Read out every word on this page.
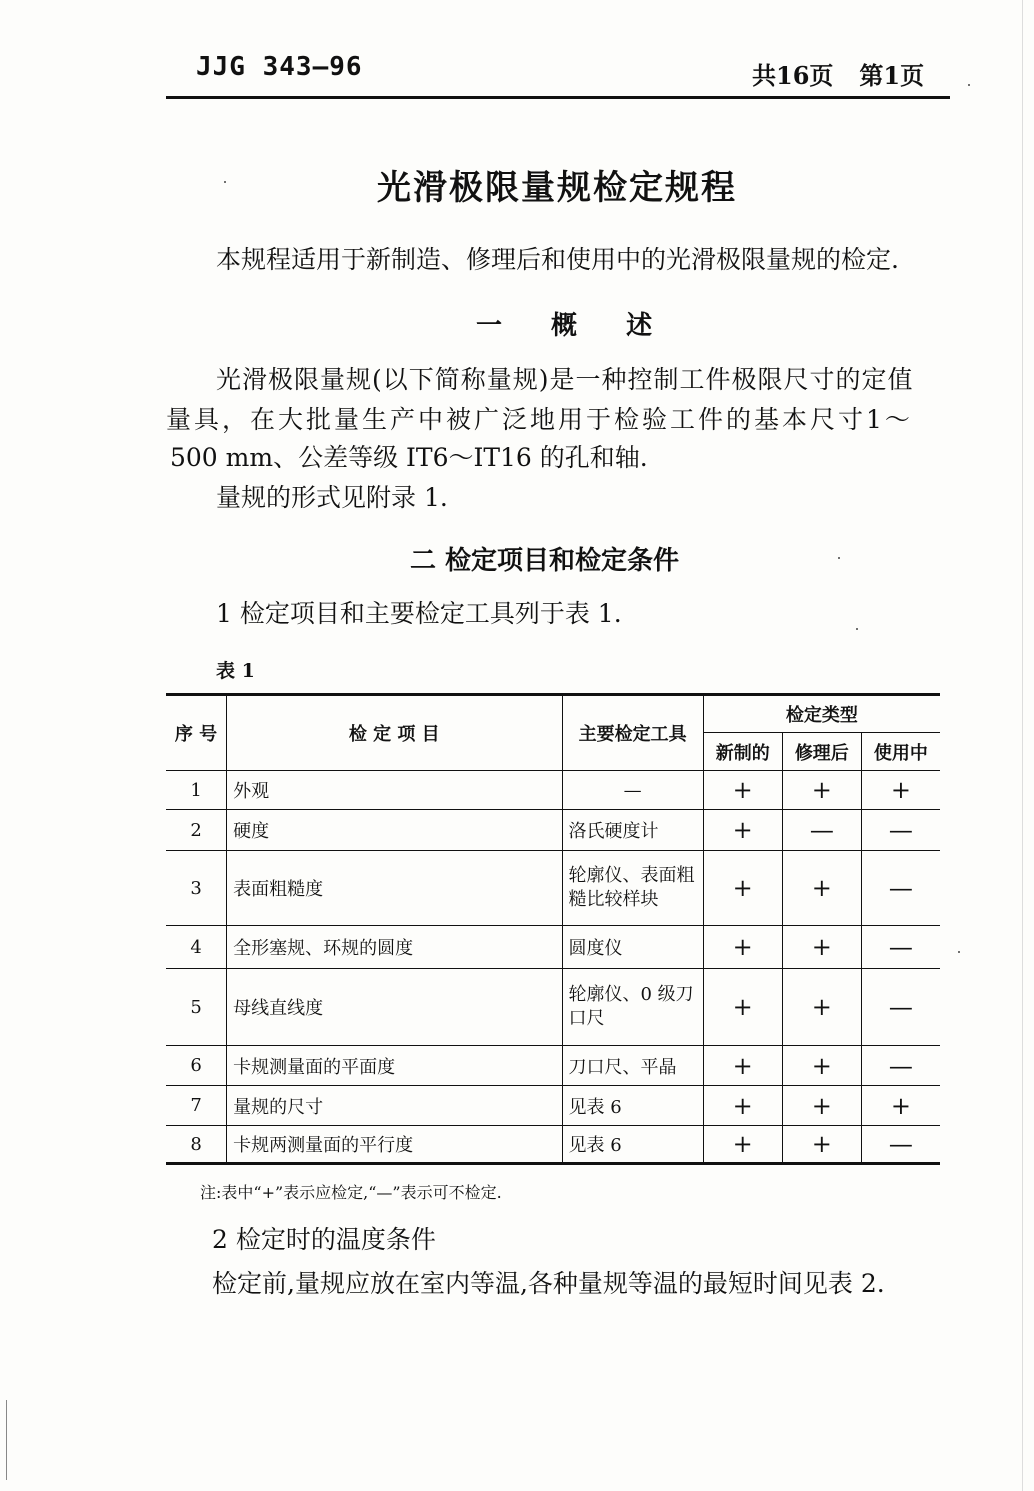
JJG 343—96	共16页 第1页
光滑极限量规检定规程
本规程适用于新制造、修理后和使用中的光滑极限量规的检定.
一 概 述
光滑极限量规(以下简称量规)是一种控制工件极限尺寸的定值
量具，在大批量生产中被广泛地用于检验工件的基本尺寸1～
500 mm、公差等级 IT6～IT16 的孔和轴.
量规的形式见附录 1.
二 检定项目和检定条件
1 检定项目和主要检定工具列于表 1.
表 1
序 号	检 定 项 目	主要检定工具	检定类型		
			新制的	修理后	使用中
1	外观	—	+	+	+
2	硬度	洛氏硬度计	+	—	—
3	表面粗糙度	轮廓仪、表面粗糙比较样块	+	+	—
4	全形塞规、环规的圆度	圆度仪	+	+	—
5	母线直线度	轮廓仪、0 级刀口尺	+	+	—
6	卡规测量面的平面度	刀口尺、平晶	+	+	—
7	量规的尺寸	见表 6	+	+	+
8	卡规两测量面的平行度	见表 6	+	+	—
注:表中“+”表示应检定,“—”表示可不检定.
2 检定时的温度条件
检定前,量规应放在室内等温,各种量规等温的最短时间见表 2.
